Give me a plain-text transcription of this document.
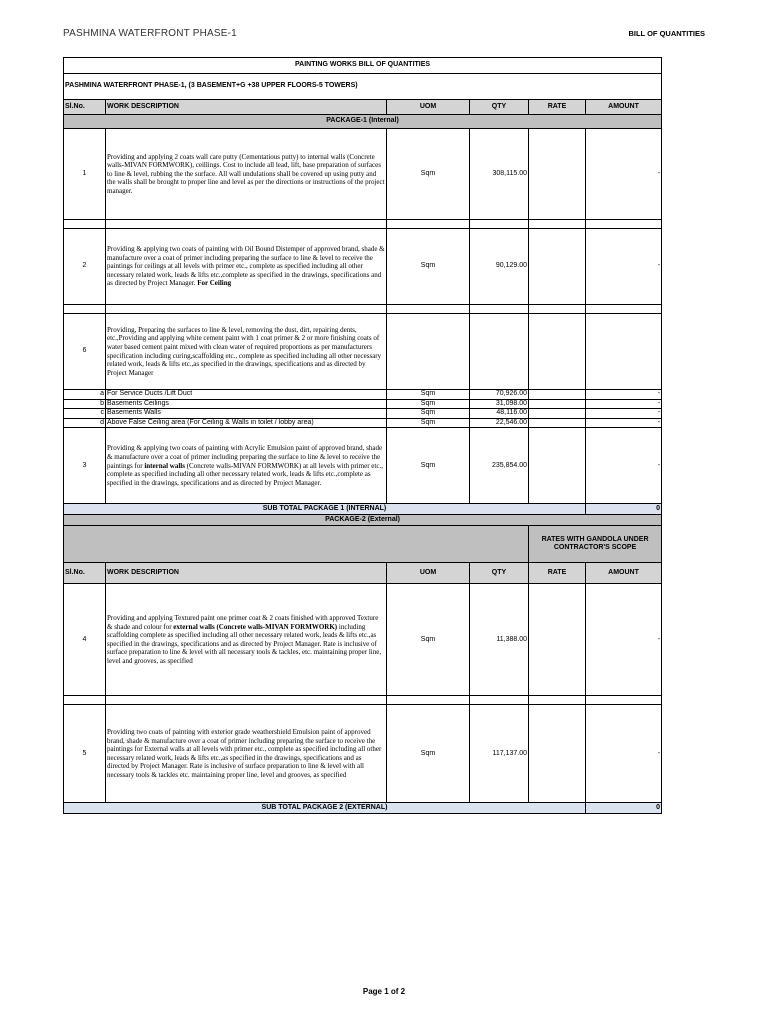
PASHMINA WATERFRONT PHASE-1	BILL OF QUANTITIES
PAINTING WORKS BILL OF QUANTITIES					
PASHMINA WATERFRONT PHASE-1, (3 BASEMENT+G +38 UPPER FLOORS-5 TOWERS)					
Sl.No.	WORK DESCRIPTION	UOM	QTY	RATE	AMOUNT
PACKAGE-1 (Internal)					
1	Providing and applying 2 coats wall care putty (Cementatious putty) to internal walls (Concrete walls-MIVAN FORMWORK), ceillings. Cost to include all lead, lift, base preparation of surfaces to line & level, rubbing the the surface. All wall undulations shall be covered up using putty and the walls shall be brought to proper line and level as per the directions or instructions of the project manager.	Sqm	308,115.00		-

2	Providing & applying two coats of painting with Oil Bound Distemper of approved brand, shade & manufacture over a coat of primer including preparing the surface to line & level to receive the paintings for ceilings at all levels with primer etc., complete as specified including all other necessary related work, leads & lifts etc.,complete as specified in the drawings, specifications and as directed by Project Manager. For Ceiling	Sqm	90,129.00		-

6	Providing, Preparing the surfaces to line & level, removing the dust, dirt, repairing dents, etc.,Providing and applying white cement paint with 1 coat primer & 2 or more finishing coats of water based cement paint mixed with clean water of required proportions as per manufacturers specification including curing,scaffolding etc., complete as specified including all other necessary related work, leads & lifts etc.,as specified in the drawings, specifications and as directed by Project Manager				
a	For Service Ducts /Lift Duct	Sqm	70,926.00		-
b	Basements Ceilings	Sqm	31,098.00		-
c	Basements Walls	Sqm	48,116.00		-
d	Above False Ceiling area (For Ceiling & Walls in toilet / lobby area)	Sqm	22,546.00		-
3	Providing & applying two coats of painting with Acrylic Emulsion paint of approved brand, shade & manufacture over a coat of primer including preparing the surface to line & level to receive the paintings for internal walls (Concrete walls-MIVAN FORMWORK) at all levels with primer etc., complete as specified including all other necessary related work, leads & lifts etc.,complete as specified in the drawings, specifications and as directed by Project Manager.	Sqm	235,854.00		-
SUB TOTAL PACKAGE 1 (INTERNAL)					0
PACKAGE-2 (External)					
				RATES WITH GANDOLA UNDER CONTRACTOR'S SCOPE	
Sl.No.	WORK DESCRIPTION	UOM	QTY	RATE	AMOUNT
4	Providing and applying Textured paint one primer coat & 2 coats finished with approved Texture & shade and colour for external walls (Concrete walls-MIVAN FORMWORK) including scaffolding complete as specified including all other necessary related work, leads & lifts etc.,as specified in the drawings, specifications and as directed by Project Manager. Rate is inclusive of surface preparation to line & level with all necessary tools & tackles, etc. maintaining proper line, level and grooves, as specified	Sqm	11,388.00		-

5	Providing two coats of painting with exterior grade weathershield Emulsion paint of approved brand, shade & manufacture over a coat of primer including preparing the surface to receive the paintings for External walls at all levels with primer etc., complete as specified including all other necessary related work, leads & lifts etc.,as specified in the drawings, specifications and as directed by Project Manager. Rate is inclusive of surface preparation to line & level with all necessary tools & tackles etc. maintaining proper line, level and grooves, as specified	Sqm	117,137.00		-
SUB TOTAL PACKAGE 2 (EXTERNAL)					0
Page 1 of 2
